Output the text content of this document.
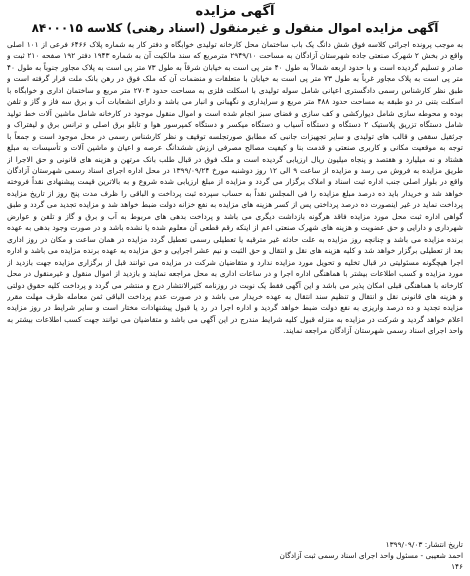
آگهی مزایده
آگهی مزایده اموال منقول و غیرمنقول (اسناد رهنی) کلاسه ۸۴۰۰۰۱۵

به موجب پرونده اجرائی کلاسه فوق شش دانگ یک باب ساختمان محل کارخانه تولیدی خوابگاه و دفتر کار به شماره پلاک ۶۴۶۶ فرعی از ۱۰۱ اصلی واقع در بخش ۲ شهرک صنعتی جاده شهرستان آزادگان به مساحت ۲۹۴۹/۱۰ مترمربع که سند مالکیت آن به شماره ۱۹۴۳ دفتر ۱۹۲ صفحه ۲۱۰ ثبت و صادر و تسلیم گردیده است و با حدود اربعه شمالاً به طول ۴۰ متر پی است به خیابان شرقاً به طول ۷۳ متر پی است به پلاک مجاور جنوباً به طول ۴۰ متر پی است به پلاک مجاور غرباً به طول ۷۳ متر پی است به خیابان با متعلقات و منضمات آن که ملک فوق در رهن بانک ملت قرار گرفته است و طبق نظر کارشناس رسمی دادگستری اعیانی شامل سوله تولیدی با اسکلت فلزی به مساحت حدود ۲۷۰۳ متر مربع و ساختمان اداری و خوابگاه با اسکلت بتنی در دو طبقه به مساحت حدود ۴۸۸ متر مربع و سرایداری و نگهبانی و انبار می باشد و دارای انشعابات آب و برق سه فاز و گاز و تلفن بوده و محوطه سازی شامل دیوارکشی و کف سازی و فضای سبز انجام شده است و اموال منقول موجود در کارخانه شامل ماشین آلات خط تولید شامل دستگاه تزریق پلاستیک ۲ دستگاه و دستگاه آسیاب و دستگاه میکسر و دستگاه کمپرسور هوا و تابلو برق اصلی و ترانس برق و لیفتراک و جرثقیل سقفی و قالب های تولیدی و سایر تجهیزات جانبی که مطابق صورتجلسه توقیف و نظر کارشناس رسمی در محل موجود است و جمعاً با توجه به موقعیت مکانی و کاربری صنعتی و قدمت بنا و کیفیت مصالح مصرفی ارزش ششدانگ عرصه و اعیان و ماشین آلات و تأسیسات به مبلغ هشتاد و نه میلیارد و هفتصد و پنجاه میلیون ریال ارزیابی گردیده است و ملک فوق در قبال طلب بانک مرتهن و هزینه های قانونی و حق الاجرا از طریق مزایده به فروش می رسد و مزایده از ساعت ۹ الی ۱۲ روز دوشنبه مورخ ۱۳۹۹/۰۹/۲۴ در محل اداره اجرای اسناد رسمی شهرستان آزادگان واقع در بلوار اصلی جنب اداره ثبت اسناد و املاک برگزار می گردد و مزایده از مبلغ ارزیابی شده شروع و به بالاترین قیمت پیشنهادی نقداً فروخته خواهد شد و خریدار باید ده درصد مبلغ مزایده را فی المجلس نقداً به حساب سپرده ثبت پرداخت و الباقی را ظرف مدت پنج روز از تاریخ مزایده پرداخت نماید در غیر اینصورت ده درصد پرداختی پس از کسر هزینه های مزایده به نفع خزانه دولت ضبط خواهد شد و مزایده تجدید می گردد و طبق گواهی اداره ثبت محل مورد مزایده فاقد هرگونه بازداشت دیگری می باشد و پرداخت بدهی های مربوط به آب و برق و گاز و تلفن و عوارض شهرداری و دارایی و حق عضویت و هزینه های شهرک صنعتی اعم از اینکه رقم قطعی آن معلوم شده یا نشده باشد و در صورت وجود بدهی به عهده برنده مزایده می باشد و چنانچه روز مزایده به علت حادثه غیر مترقبه یا تعطیلی رسمی تعطیل گردد مزایده در همان ساعت و مکان در روز اداری بعد از تعطیلی برگزار خواهد شد و کلیه هزینه های نقل و انتقال و حق الثبت و نیم عشر اجرایی و حق مزایده به عهده برنده مزایده می باشد و اداره اجرا هیچگونه مسئولیتی در قبال تخلیه و تحویل مورد مزایده ندارد و متقاضیان شرکت در مزایده می توانند قبل از برگزاری مزایده جهت بازدید از مورد مزایده و کسب اطلاعات بیشتر با هماهنگی اداره اجرا و در ساعات اداری به محل مراجعه نمایند و بازدید از اموال منقول و غیرمنقول در محل کارخانه با هماهنگی قبلی امکان پذیر می باشد و این آگهی فقط یک نوبت در روزنامه کثیرالانتشار درج و منتشر می گردد و پرداخت کلیه حقوق دولتی و هزینه های قانونی نقل و انتقال و تنظیم سند انتقال به عهده خریدار می باشد و در صورت عدم پرداخت الباقی ثمن معامله ظرف مهلت مقرر مزایده تجدید و ده درصد واریزی به نفع دولت ضبط خواهد گردید و اداره اجرا در رد یا قبول پیشنهادات مختار است و سایر شرایط در روز مزایده اعلام خواهد گردید و شرکت در مزایده به منزله قبول کلیه شرایط مندرج در این آگهی می باشد و متقاضیان می توانند جهت کسب اطلاعات بیشتر به واحد اجرای اسناد رسمی شهرستان آزادگان مراجعه نمایند.

تاریخ انتشار: ۱۳۹۹/۰۹/۰۳
احمد شعیبی - مسئول واحد اجرای اسناد رسمی ثبت آزادگان
۱۴۶
